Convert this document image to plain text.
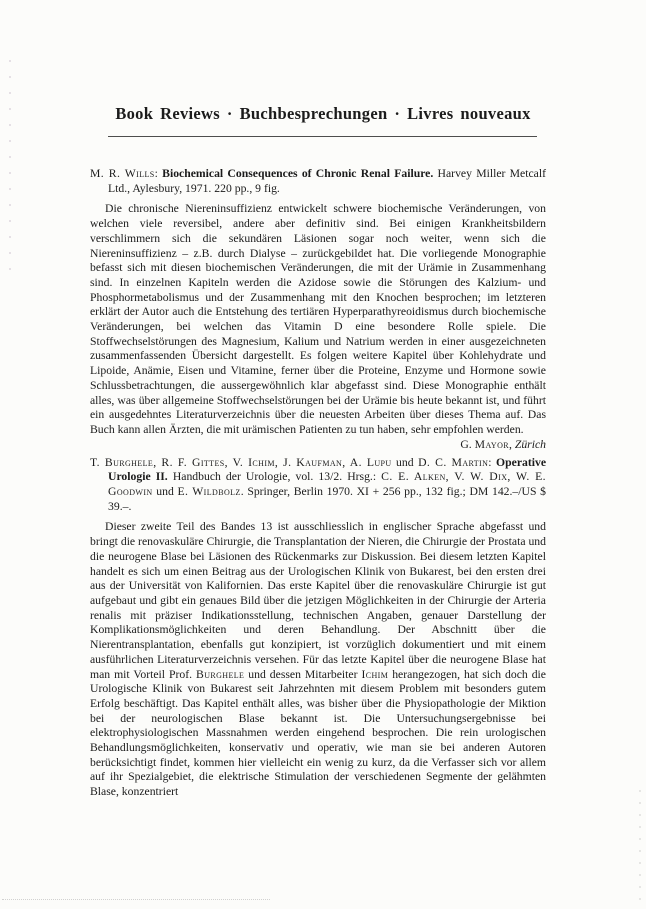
Book Reviews · Buchbesprechungen · Livres nouveaux

M. R. Wills: Biochemical Consequences of Chronic Renal Failure. Harvey Miller Metcalf Ltd., Aylesbury, 1971. 220 pp., 9 fig.

Die chronische Niereninsuffizienz entwickelt schwere biochemische Veränderungen, von welchen viele reversibel, andere aber definitiv sind. Bei einigen Krankheitsbildern verschlimmern sich die sekundären Läsionen sogar noch weiter, wenn sich die Niereninsuffizienz – z.B. durch Dialyse – zurückgebildet hat. Die vorliegende Monographie befasst sich mit diesen biochemischen Veränderungen, die mit der Urämie in Zusammenhang sind. In einzelnen Kapiteln werden die Azidose sowie die Störungen des Kalzium- und Phosphormetabolismus und der Zusammenhang mit den Knochen besprochen; im letzteren erklärt der Autor auch die Entstehung des tertiären Hyperparathyreoidismus durch biochemische Veränderungen, bei welchen das Vitamin D eine besondere Rolle spiele. Die Stoffwechselstörungen des Magnesium, Kalium und Natrium werden in einer ausgezeichneten zusammenfassenden Übersicht dargestellt. Es folgen weitere Kapitel über Kohlehydrate und Lipoide, Anämie, Eisen und Vitamine, ferner über die Proteine, Enzyme und Hormone sowie Schlussbetrachtungen, die aussergewöhnlich klar abgefasst sind. Diese Monographie enthält alles, was über allgemeine Stoffwechselstörungen bei der Urämie bis heute bekannt ist, und führt ein ausgedehntes Literaturverzeichnis über die neuesten Arbeiten über dieses Thema auf. Das Buch kann allen Ärzten, die mit urämischen Patienten zu tun haben, sehr empfohlen werden.
G. Mayor, Zürich

T. Burghele, R. F. Gittes, V. Ichim, J. Kaufman, A. Lupu und D. C. Martin: Operative Urologie II. Handbuch der Urologie, vol. 13/2. Hrsg.: C. E. Alken, V. W. Dix, W. E. Goodwin und E. Wildbolz. Springer, Berlin 1970. XI + 256 pp., 132 fig.; DM 142.–/US $ 39.–.

Dieser zweite Teil des Bandes 13 ist ausschliesslich in englischer Sprache abgefasst und bringt die renovaskuläre Chirurgie, die Transplantation der Nieren, die Chirurgie der Prostata und die neurogene Blase bei Läsionen des Rückenmarks zur Diskussion. Bei diesem letzten Kapitel handelt es sich um einen Beitrag aus der Urologischen Klinik von Bukarest, bei den ersten drei aus der Universität von Kalifornien. Das erste Kapitel über die renovaskuläre Chirurgie ist gut aufgebaut und gibt ein genaues Bild über die jetzigen Möglichkeiten in der Chirurgie der Arteria renalis mit präziser Indikationsstellung, technischen Angaben, genauer Darstellung der Komplikationsmöglichkeiten und deren Behandlung. Der Abschnitt über die Nierentransplantation, ebenfalls gut konzipiert, ist vorzüglich dokumentiert und mit einem ausführlichen Literaturverzeichnis versehen. Für das letzte Kapitel über die neurogene Blase hat man mit Vorteil Prof. Burghele und dessen Mitarbeiter Ichim herangezogen, hat sich doch die Urologische Klinik von Bukarest seit Jahrzehnten mit diesem Problem mit besonders gutem Erfolg beschäftigt. Das Kapitel enthält alles, was bisher über die Physiopathologie der Miktion bei der neurologischen Blase bekannt ist. Die Untersuchungsergebnisse bei elektrophysiologischen Massnahmen werden eingehend besprochen. Die rein urologischen Behandlungsmöglichkeiten, konservativ und operativ, wie man sie bei anderen Autoren berücksichtigt findet, kommen hier vielleicht ein wenig zu kurz, da die Verfasser sich vor allem auf ihr Spezialgebiet, die elektrische Stimulation der verschiedenen Segmente der gelähmten Blase, konzentriert
